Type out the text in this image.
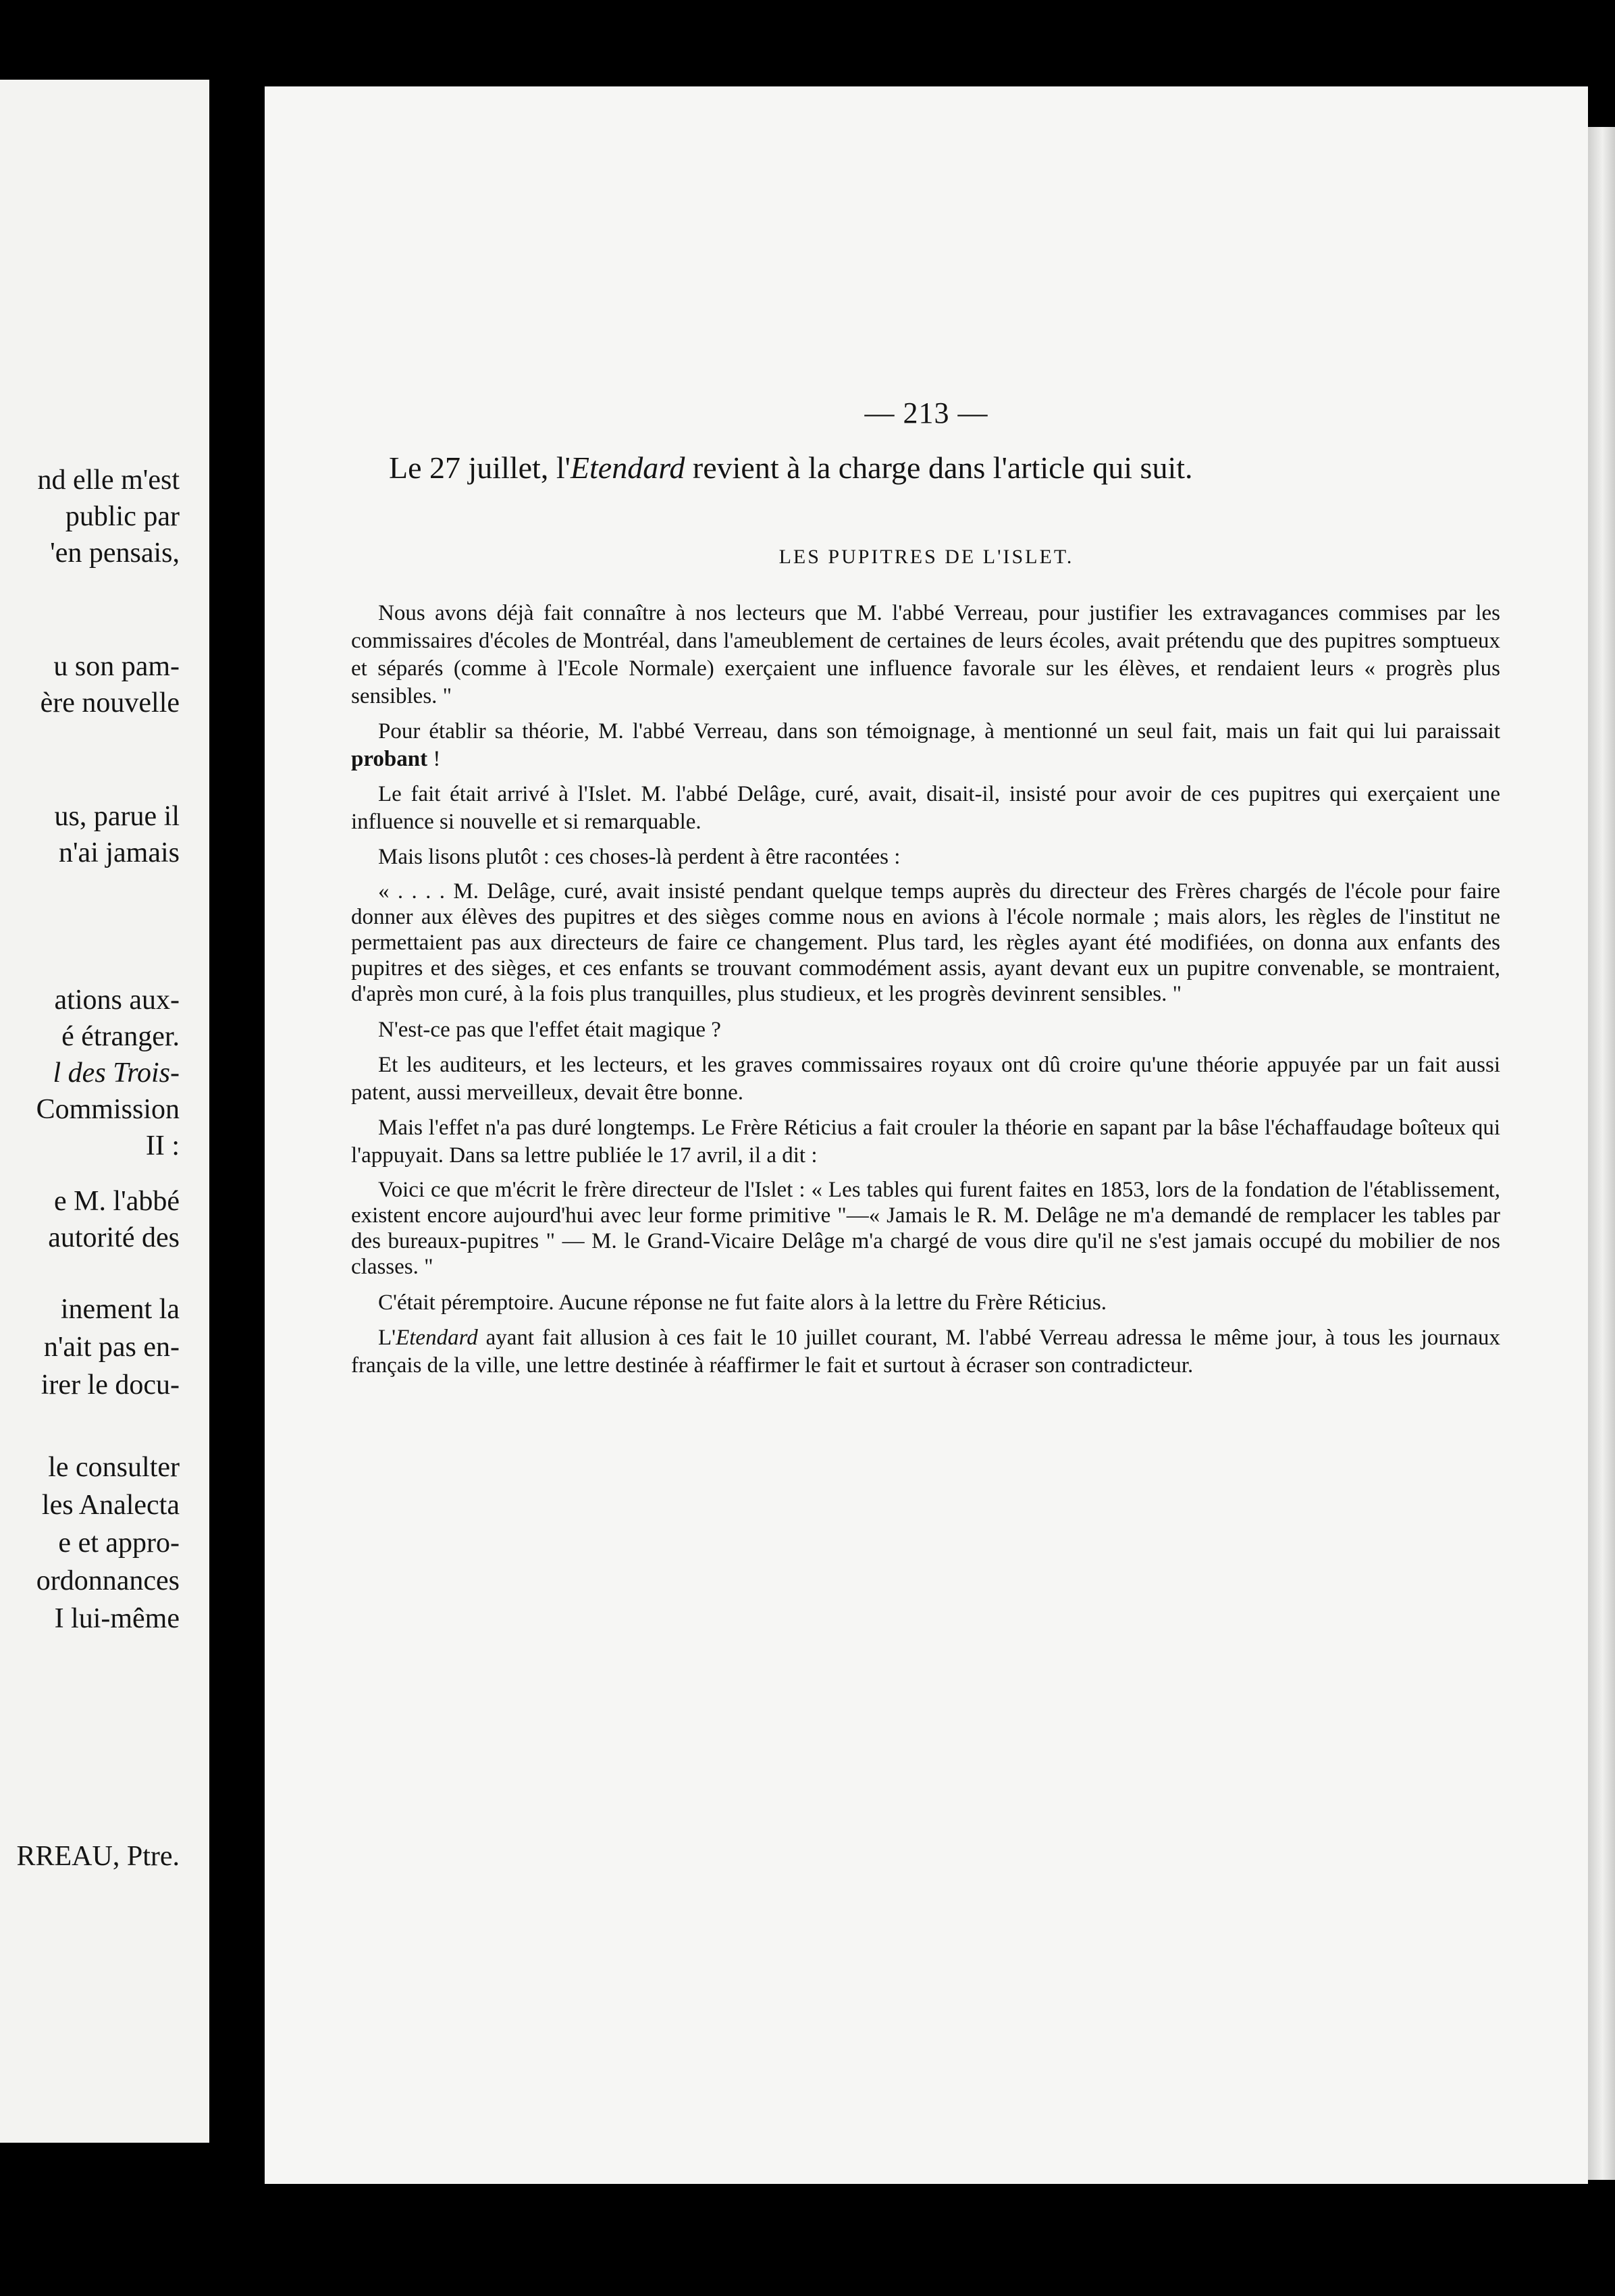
nd elle m'est
public par
'en pensais,
u son pam-
ère nouvelle
us, parue il
n'ai jamais
ations aux-
é étranger.
l des Trois-
Commission
II :
e M. l'abbé
autorité des
inement la
n'ait pas en-
irer le docu-
le consulter
les Analecta
e et appro-
ordonnances
I lui-même
RREAU, Ptre.
— 213 —
Le 27 juillet, l'Etendard revient à la charge dans l'article qui suit.
LES PUPITRES DE L'ISLET.

Nous avons déjà fait connaître à nos lecteurs que M. l'abbé Verreau, pour justifier les extravagances commises par les commissaires d'écoles de Montréal, dans l'ameublement de certaines de leurs écoles, avait prétendu que des pupitres somptueux et séparés (comme à l'Ecole Normale) exerçaient une influence favorale sur les élèves, et rendaient leurs « progrès plus sensibles. "

Pour établir sa théorie, M. l'abbé Verreau, dans son témoignage, à mentionné un seul fait, mais un fait qui lui paraissait probant !

Le fait était arrivé à l'Islet. M. l'abbé Delâge, curé, avait, disait-il, insisté pour avoir de ces pupitres qui exerçaient une influence si nouvelle et si remarquable.

Mais lisons plutôt : ces choses-là perdent à être racontées :

« . . . . M. Delâge, curé, avait insisté pendant quelque temps auprès du directeur des Frères chargés de l'école pour faire donner aux élèves des pupitres et des sièges comme nous en avions à l'école normale ; mais alors, les règles de l'institut ne permettaient pas aux directeurs de faire ce changement. Plus tard, les règles ayant été modifiées, on donna aux enfants des pupitres et des sièges, et ces enfants se trouvant commodément assis, ayant devant eux un pupitre convenable, se montraient, d'après mon curé, à la fois plus tranquilles, plus studieux, et les progrès devinrent sensibles. "

N'est-ce pas que l'effet était magique ?

Et les auditeurs, et les lecteurs, et les graves commissaires royaux ont dû croire qu'une théorie appuyée par un fait aussi patent, aussi merveilleux, devait être bonne.

Mais l'effet n'a pas duré longtemps. Le Frère Réticius a fait crouler la théorie en sapant par la bâse l'échaffaudage boîteux qui l'appuyait. Dans sa lettre publiée le 17 avril, il a dit :

Voici ce que m'écrit le frère directeur de l'Islet : « Les tables qui furent faites en 1853, lors de la fondation de l'établissement, existent encore aujourd'hui avec leur forme primitive "—« Jamais le R. M. Delâge ne m'a demandé de remplacer les tables par des bureaux-pupitres " — M. le Grand-Vicaire Delâge m'a chargé de vous dire qu'il ne s'est jamais occupé du mobilier de nos classes. "

C'était péremptoire. Aucune réponse ne fut faite alors à la lettre du Frère Réticius.

L'Etendard ayant fait allusion à ces fait le 10 juillet courant, M. l'abbé Verreau adressa le même jour, à tous les journaux français de la ville, une lettre destinée à réaffirmer le fait et surtout à écraser son contradicteur.
